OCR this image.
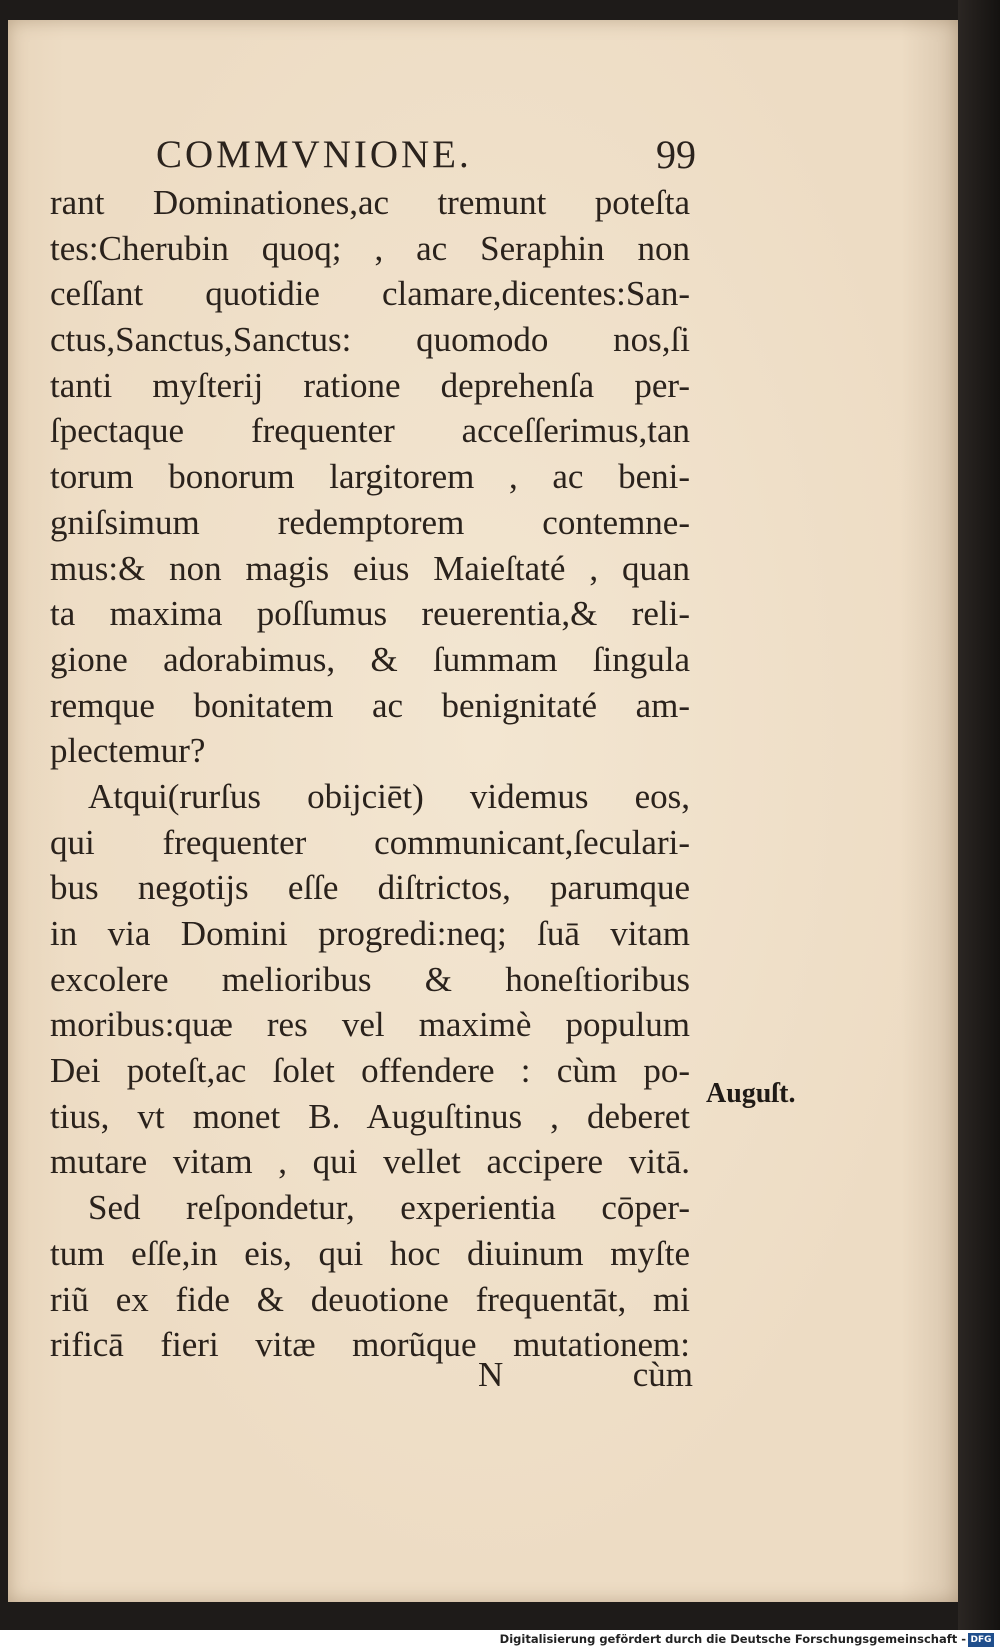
COMMVNIONE.	99
rant Dominationes,ac tremunt poteſta
tes:Cherubin quoq; , ac Seraphin non
ceſſant quotidie clamare,dicentes:San-
ctus,Sanctus,Sanctus: quomodo nos,ſi
tanti myſterij ratione deprehenſa per-
ſpectaque frequenter acceſſerimus,tan
torum bonorum largitorem , ac beni-
gniſsimum redemptorem contemne-
mus:& non magis eius Maieſtaté , quan
ta maxima poſſumus reuerentia,& reli-
gione adorabimus, & ſummam ſingula
remque bonitatem ac benignitaté am-
plectemur?
Atqui(rurſus obijciēt) videmus eos,
qui frequenter communicant,ſeculari-
bus negotijs eſſe diſtrictos, parumque
in via Domini progredi:neq; ſuā vitam
excolere melioribus & honeſtioribus
moribus:quæ res vel maximè populum
Dei poteſt,ac ſolet offendere : cùm po-
tius, vt monet B. Auguſtinus , deberet
mutare vitam , qui vellet accipere vitā.
Sed reſpondetur, experientia cōper-
tum eſſe,in eis, qui hoc diuinum myſte
riũ ex fide & deuotione frequentāt, mi
rificā fieri vitæ morũque mutationem:
Auguſt.
N	cùm
Digitalisierung gefördert durch die Deutsche Forschungsgemeinschaft - DFG
